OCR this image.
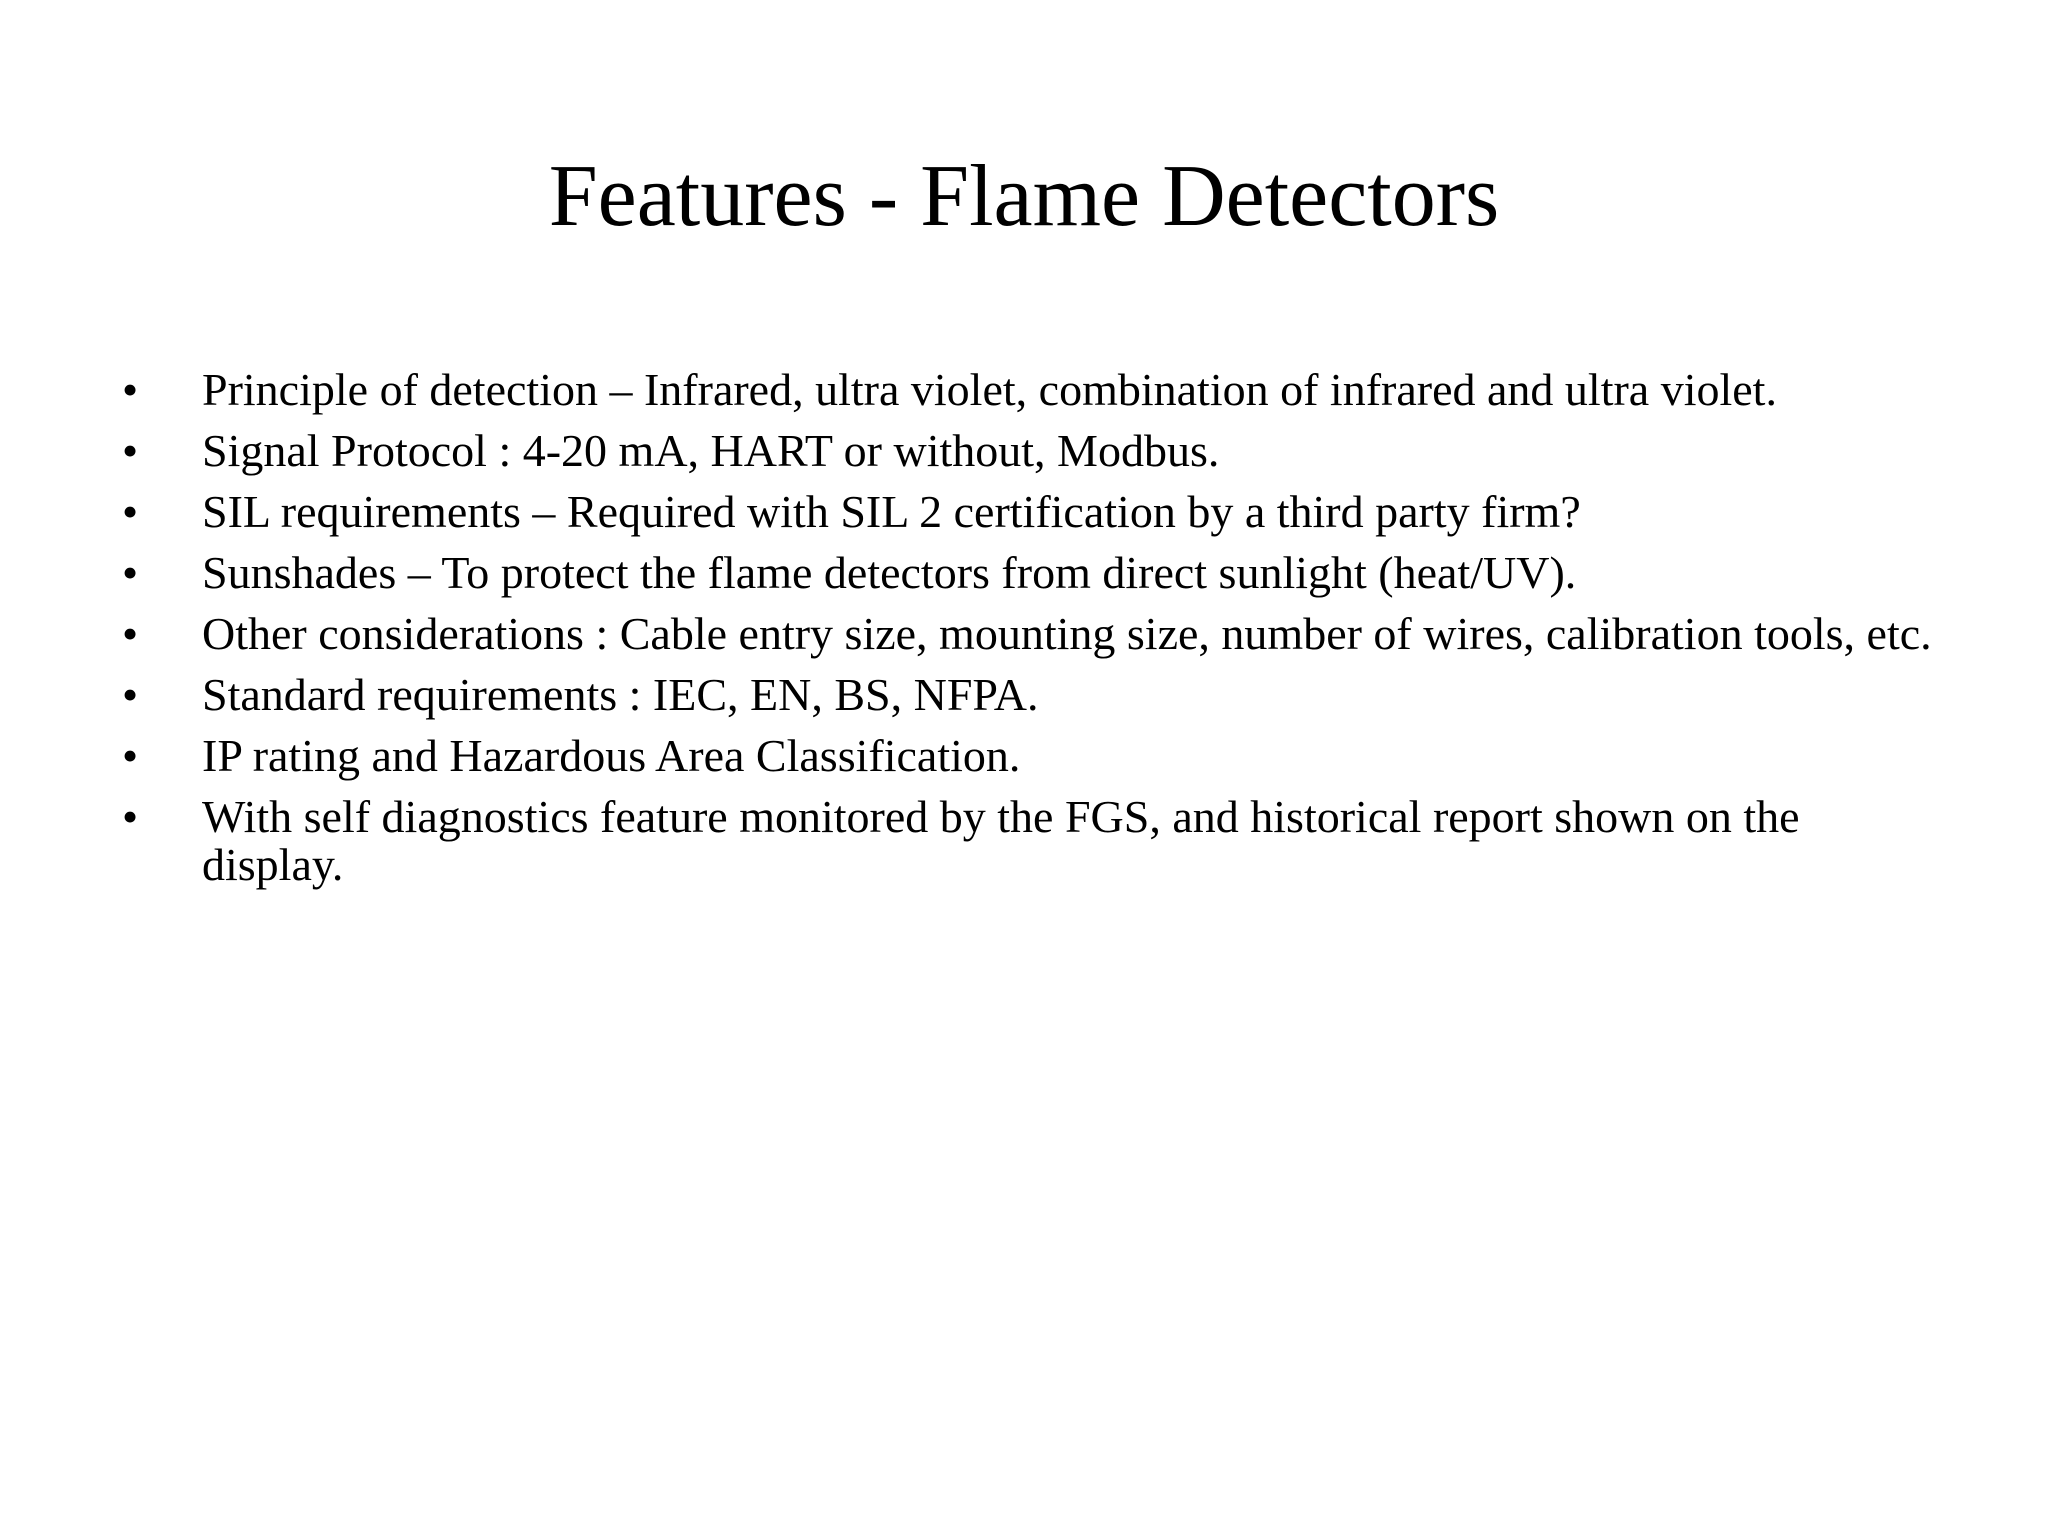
Features - Flame Detectors
•	Principle of detection – Infrared, ultra violet, combination of infrared and ultra violet.
•	Signal Protocol : 4-20 mA, HART or without, Modbus.
•	SIL requirements – Required with SIL 2 certification by a third party firm?
•	Sunshades – To protect the flame detectors from direct sunlight (heat/UV).
•	Other considerations : Cable entry size, mounting size, number of wires, calibration tools, etc.
•	Standard requirements : IEC, EN, BS, NFPA.
•	IP rating and Hazardous Area Classification.
•	With self diagnostics feature monitored by the FGS, and historical report shown on the display.
